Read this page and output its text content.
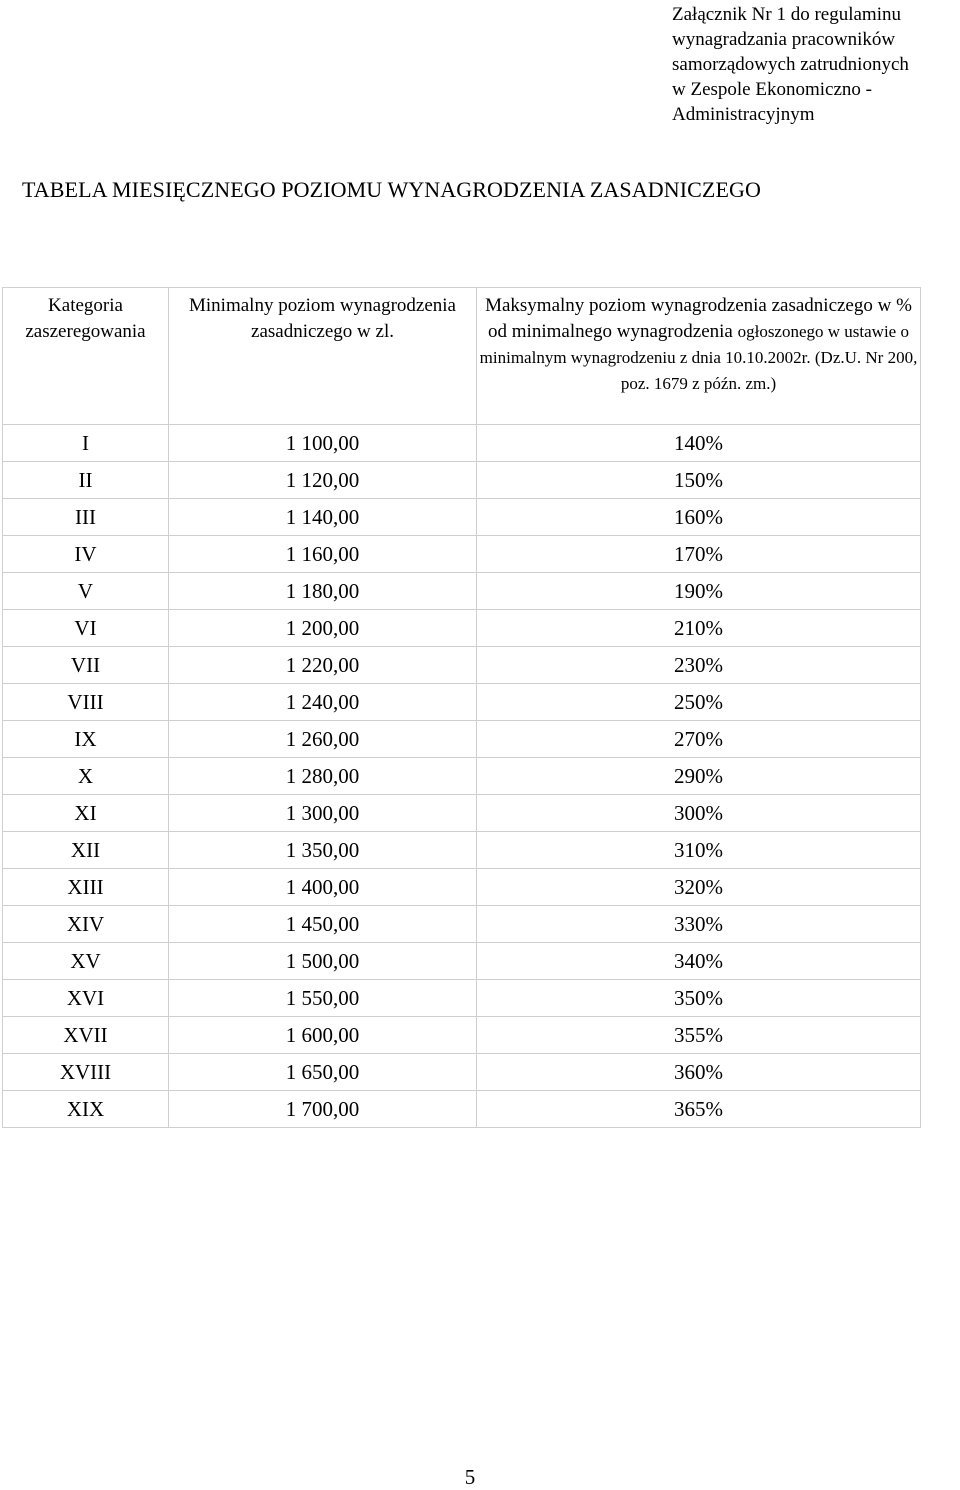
Załącznik Nr 1 do regulaminu
wynagradzania pracowników
samorządowych zatrudnionych
w Zespole Ekonomiczno -
Administracyjnym
TABELA MIESIĘCZNEGO POZIOMU WYNAGRODZENIA ZASADNICZEGO
Kategoria zaszeregowania	Minimalny poziom wynagrodzenia zasadniczego w zl.	Maksymalny poziom wynagrodzenia zasadniczego w % od minimalnego wynagrodzenia ogłoszonego w ustawie o minimalnym wynagrodzeniu z dnia 10.10.2002r. (Dz.U. Nr 200, poz. 1679 z późn. zm.)
I	1 100,00	140%
II	1 120,00	150%
III	1 140,00	160%
IV	1 160,00	170%
V	1 180,00	190%
VI	1 200,00	210%
VII	1 220,00	230%
VIII	1 240,00	250%
IX	1 260,00	270%
X	1 280,00	290%
XI	1 300,00	300%
XII	1 350,00	310%
XIII	1 400,00	320%
XIV	1 450,00	330%
XV	1 500,00	340%
XVI	1 550,00	350%
XVII	1 600,00	355%
XVIII	1 650,00	360%
XIX	1 700,00	365%
5
